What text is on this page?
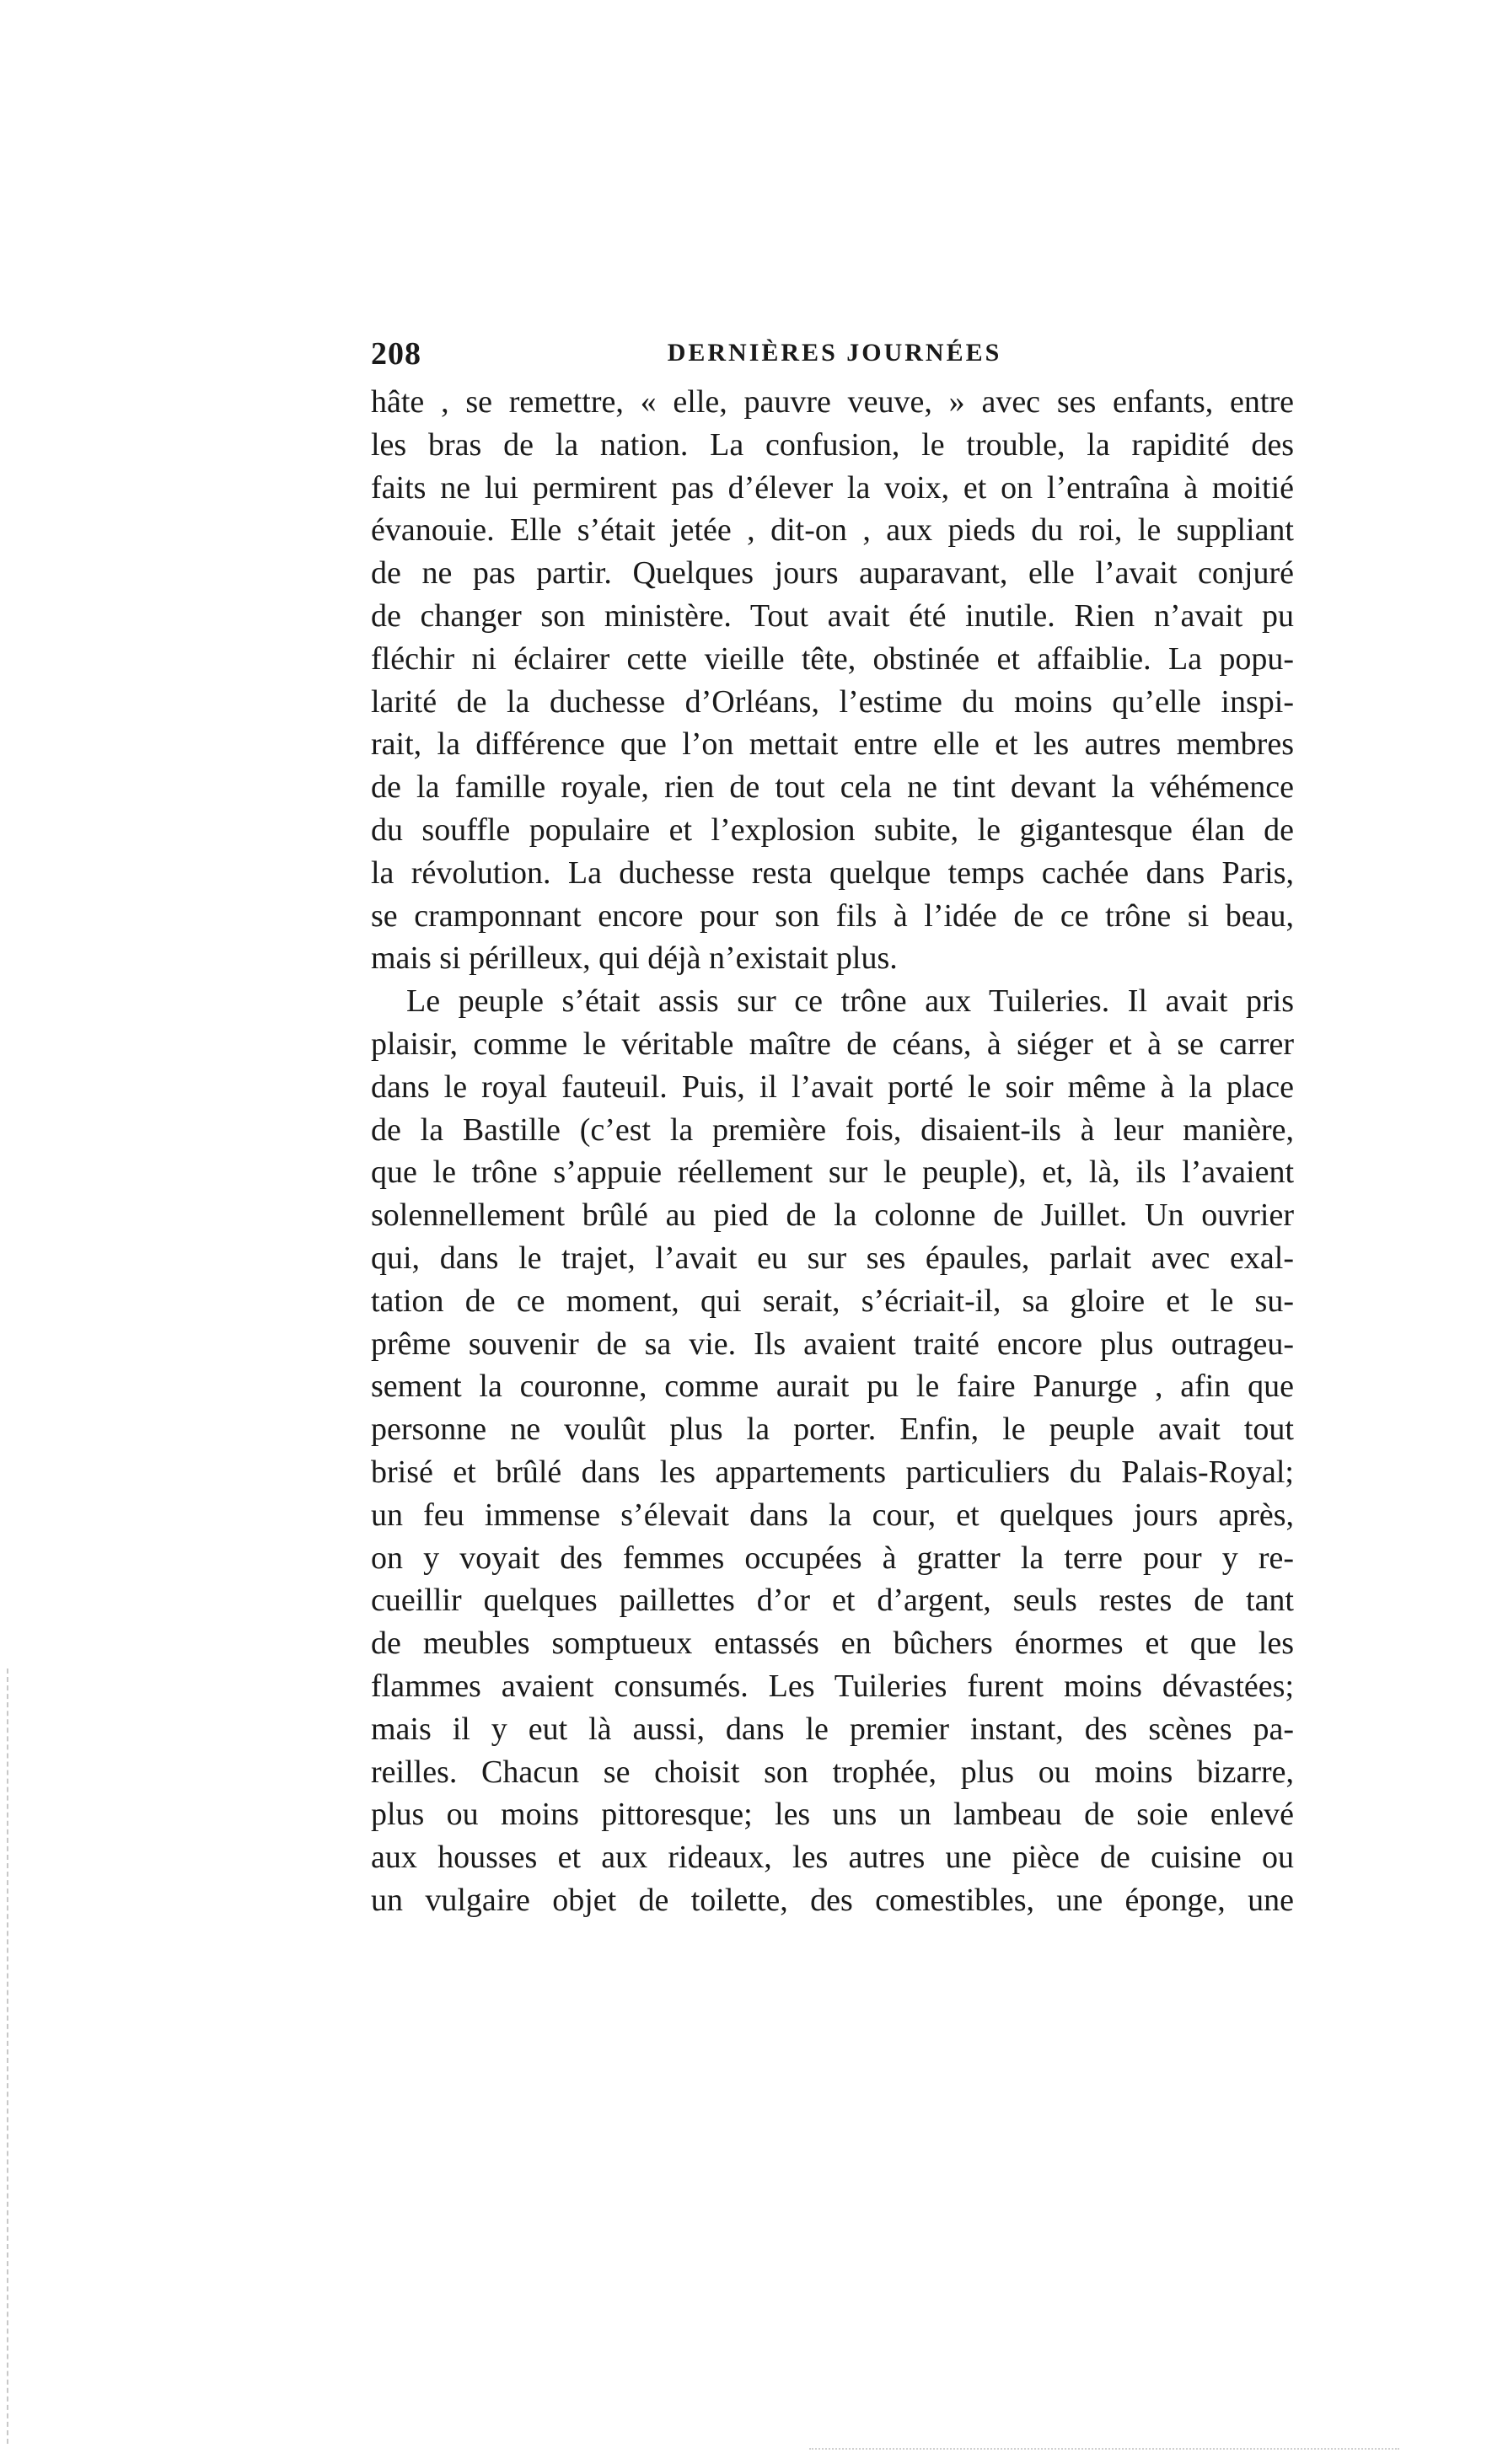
208	DERNIÈRES JOURNÉES
hâte , se remettre, « elle, pauvre veuve, » avec ses enfants, entre
les bras de la nation. La confusion, le trouble, la rapidité des
faits ne lui permirent pas d’élever la voix, et on l’entraîna à moitié
évanouie. Elle s’était jetée , dit-on , aux pieds du roi, le suppliant
de ne pas partir. Quelques jours auparavant, elle l’avait conjuré
de changer son ministère. Tout avait été inutile. Rien n’avait pu
fléchir ni éclairer cette vieille tête, obstinée et affaiblie. La popu-
larité de la duchesse d’Orléans, l’estime du moins qu’elle inspi-
rait, la différence que l’on mettait entre elle et les autres membres
de la famille royale, rien de tout cela ne tint devant la véhémence
du souffle populaire et l’explosion subite, le gigantesque élan de
la révolution. La duchesse resta quelque temps cachée dans Paris,
se cramponnant encore pour son fils à l’idée de ce trône si beau,
mais si périlleux, qui déjà n’existait plus.
Le peuple s’était assis sur ce trône aux Tuileries. Il avait pris
plaisir, comme le véritable maître de céans, à siéger et à se carrer
dans le royal fauteuil. Puis, il l’avait porté le soir même à la place
de la Bastille (c’est la première fois, disaient-ils à leur manière,
que le trône s’appuie réellement sur le peuple), et, là, ils l’avaient
solennellement brûlé au pied de la colonne de Juillet. Un ouvrier
qui, dans le trajet, l’avait eu sur ses épaules, parlait avec exal-
tation de ce moment, qui serait, s’écriait-il, sa gloire et le su-
prême souvenir de sa vie. Ils avaient traité encore plus outrageu-
sement la couronne, comme aurait pu le faire Panurge , afin que
personne ne voulût plus la porter. Enfin, le peuple avait tout
brisé et brûlé dans les appartements particuliers du Palais-Royal;
un feu immense s’élevait dans la cour, et quelques jours après,
on y voyait des femmes occupées à gratter la terre pour y re-
cueillir quelques paillettes d’or et d’argent, seuls restes de tant
de meubles somptueux entassés en bûchers énormes et que les
flammes avaient consumés. Les Tuileries furent moins dévastées;
mais il y eut là aussi, dans le premier instant, des scènes pa-
reilles. Chacun se choisit son trophée, plus ou moins bizarre,
plus ou moins pittoresque; les uns un lambeau de soie enlevé
aux housses et aux rideaux, les autres une pièce de cuisine ou
un vulgaire objet de toilette, des comestibles, une éponge, une
